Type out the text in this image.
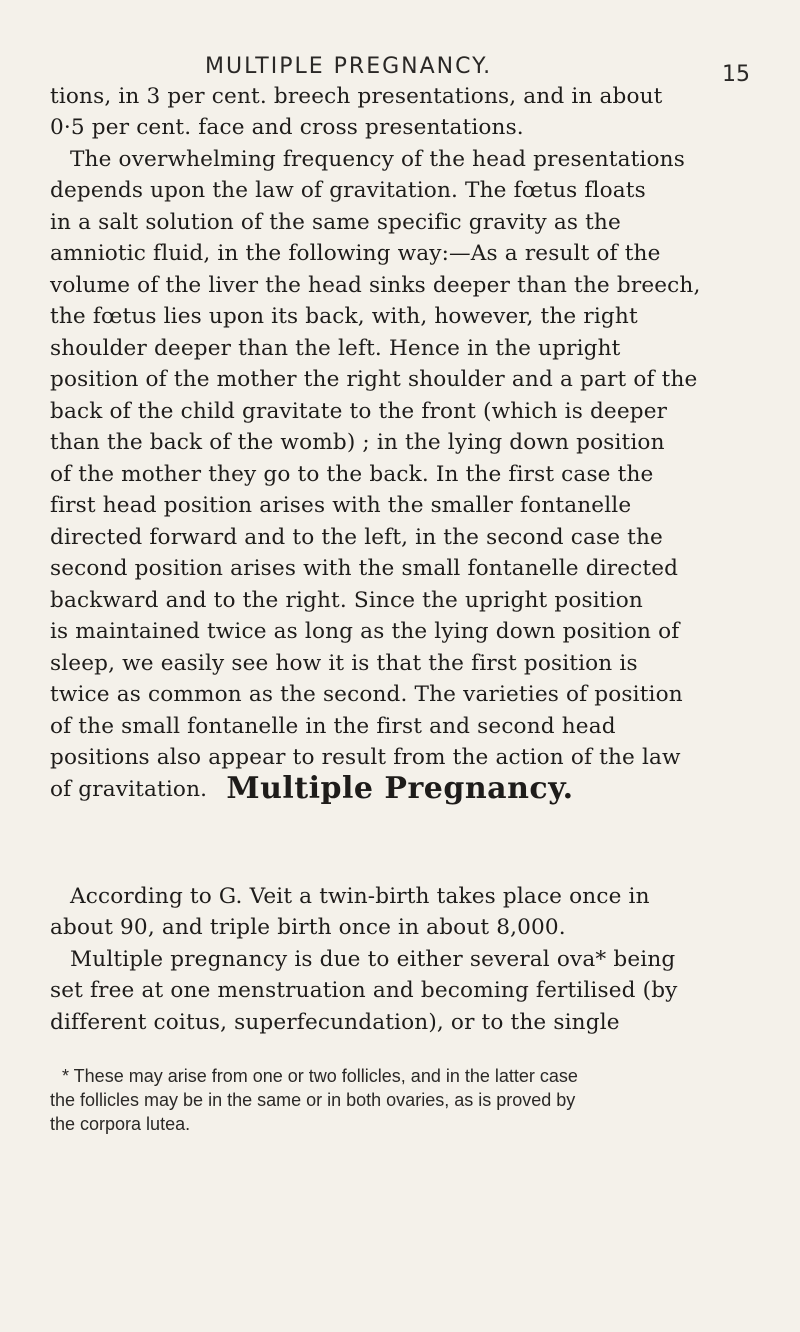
MULTIPLE PREGNANCY.	15
tions, in 3 per cent. breech presentations, and in about
0·5 per cent. face and cross presentations.
The overwhelming frequency of the head presentations
depends upon the law of gravitation. The fœtus floats
in a salt solution of the same specific gravity as the
amniotic fluid, in the following way:—As a result of the
volume of the liver the head sinks deeper than the breech,
the fœtus lies upon its back, with, however, the right
shoulder deeper than the left. Hence in the upright
position of the mother the right shoulder and a part of the
back of the child gravitate to the front (which is deeper
than the back of the womb) ; in the lying down position
of the mother they go to the back. In the first case the
first head position arises with the smaller fontanelle
directed forward and to the left, in the second case the
second position arises with the small fontanelle directed
backward and to the right. Since the upright position
is maintained twice as long as the lying down position of
sleep, we easily see how it is that the first position is
twice as common as the second. The varieties of position
of the small fontanelle in the first and second head
positions also appear to result from the action of the law
of gravitation. Multiple Pregnancy.
According to G. Veit a twin-birth takes place once in
about 90, and triple birth once in about 8,000.
Multiple pregnancy is due to either several ova* being
set free at one menstruation and becoming fertilised (by
different coitus, superfecundation), or to the single
* These may arise from one or two follicles, and in the latter case
the follicles may be in the same or in both ovaries, as is proved by
the corpora lutea.
